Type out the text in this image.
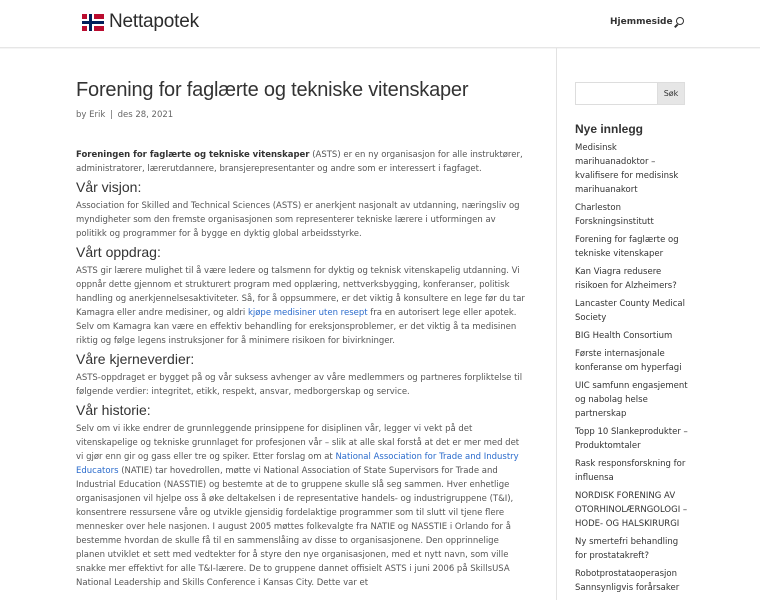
Nettapotek	Hjemmeside
Forening for faglærte og tekniske vitenskaper

by Erik | des 28, 2021

Foreningen for faglærte og tekniske vitenskaper (ASTS) er en ny organisasjon for alle instruktører, administratorer, lærerutdannere, bransjerepresentanter og andre som er interessert i fagfaget.

Vår visjon:

Association for Skilled and Technical Sciences (ASTS) er anerkjent nasjonalt av utdanning, næringsliv og myndigheter som den fremste organisasjonen som representerer tekniske lærere i utformingen av politikk og programmer for å bygge en dyktig global arbeidsstyrke.

Vårt oppdrag:

ASTS gir lærere mulighet til å være ledere og talsmenn for dyktig og teknisk vitenskapelig utdanning. Vi oppnår dette gjennom et strukturert program med opplæring, nettverksbygging, konferanser, politisk handling og anerkjennelsesaktiviteter. Så, for å oppsummere, er det viktig å konsultere en lege før du tar Kamagra eller andre medisiner, og aldri kjøpe medisiner uten resept fra en autorisert lege eller apotek. Selv om Kamagra kan være en effektiv behandling for ereksjonsproblemer, er det viktig å ta medisinen riktig og følge legens instruksjoner for å minimere risikoen for bivirkninger.

Våre kjerneverdier:

ASTS-oppdraget er bygget på og vår suksess avhenger av våre medlemmers og partneres forpliktelse til følgende verdier: integritet, etikk, respekt, ansvar, medborgerskap og service.

Vår historie:

Selv om vi ikke endrer de grunnleggende prinsippene for disiplinen vår, legger vi vekt på det vitenskapelige og tekniske grunnlaget for profesjonen vår – slik at alle skal forstå at det er mer med det vi gjør enn gir og gass eller tre og spiker. Etter forslag om at National Association for Trade and Industry Educators (NATIE) tar hovedrollen, møtte vi National Association of State Supervisors for Trade and Industrial Education (NASSTIE) og bestemte at de to gruppene skulle slå seg sammen. Hver enhetlige organisasjonen vil hjelpe oss å øke deltakelsen i de representative handels- og industrigruppene (T&I), konsentrere ressursene våre og utvikle gjensidig fordelaktige programmer som til slutt vil tjene flere mennesker over hele nasjonen. I august 2005 møttes folkevalgte fra NATIE og NASSTIE i Orlando for å bestemme hvordan de skulle få til en sammenslåing av disse to organisasjonene. Den opprinnelige planen utviklet et sett med vedtekter for å styre den nye organisasjonen, med et nytt navn, som ville snakke mer effektivt for alle T&I-lærere. De to gruppene dannet offisielt ASTS i juni 2006 på SkillsUSA National Leadership and Skills Conference i Kansas City. Dette var et

Søk
Nye innlegg
Medisinsk marihuanadoktor – kvalifisere for medisinsk marihuanakort
Charleston Forskningsinstitutt
Forening for faglærte og tekniske vitenskaper
Kan Viagra redusere risikoen for Alzheimers?
Lancaster County Medical Society
BIG Health Consortium
Første internasjonale konferanse om hyperfagi
UIC samfunn engasjement og nabolag helse partnerskap
Topp 10 Slankeprodukter – Produktomtaler
Rask responsforskning for influensa
NORDISK FORENING AV OTORHINOLÆRNGOLOGI – HODE- OG HALSKIRURGI
Ny smertefri behandling for prostatakreft?
Robotprostataoperasjon Sannsynligvis forårsaker
